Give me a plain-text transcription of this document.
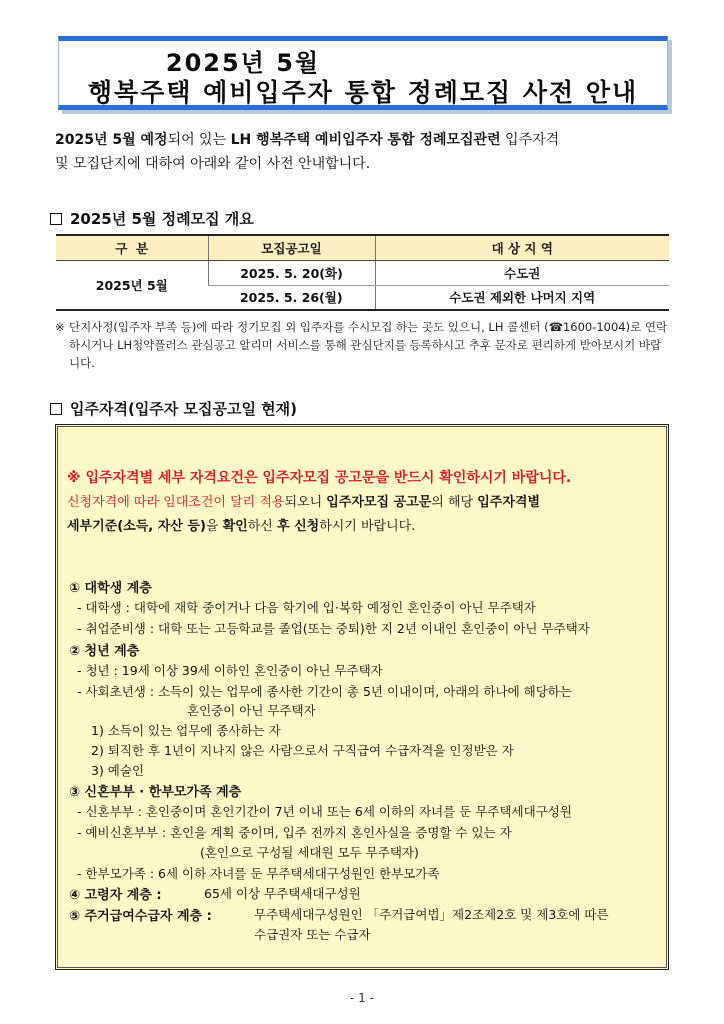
2025년 5월
행복주택 예비입주자 통합 정례모집 사전 안내
2025년 5월 예정되어 있는 LH 행복주택 예비입주자 통합 정례모집관련 입주자격
및 모집단지에 대하여 아래와 같이 사전 안내합니다.
2025년 5월 정례모집 개요
구  분	모집공고일	대 상 지 역
2025년 5월	2025. 5. 20(화)	수도권
	2025. 5. 26(월)	수도권 제외한 나머지 지역
※ 단지사정(입주자 부족 등)에 따라 정기모집 외 입주자를 수시모집 하는 곳도 있으니, LH 콜센터 (☎1600-1004)로 연락하시거나 LH청약플러스 관심공고 알리미 서비스를 통해 관심단지를 등록하시고 추후 문자로 편리하게 받아보시기 바랍니다.
입주자격(입주자 모집공고일 현재)
※ 입주자격별 세부 자격요건은 입주자모집 공고문을 반드시 확인하시기 바랍니다.
신청자격에 따라 임대조건이 달리 적용되오니 입주자모집 공고문의 해당 입주자격별
세부기준(소득, 자산 등)을 확인하신 후 신청하시기 바랍니다.
① 대학생 계층
- 대학생 : 대학에 재학 중이거나 다음 학기에 입·복학 예정인 혼인중이 아닌 무주택자
- 취업준비생 : 대학 또는 고등학교를 졸업(또는 중퇴)한 지 2년 이내인 혼인중이 아닌 무주택자
② 청년 계층
- 청년 : 19세 이상 39세 이하인 혼인중이 아닌 무주택자
- 사회초년생 : 소득이 있는 업무에 종사한 기간이 총 5년 이내이며, 아래의 하나에 해당하는
혼인중이 아닌 무주택자
1) 소득이 있는 업무에 종사하는 자
2) 퇴직한 후 1년이 지나지 않은 사람으로서 구직급여 수급자격을 인정받은 자
3) 예술인
③ 신혼부부 · 한부모가족 계층
- 신혼부부 : 혼인중이며 혼인기간이 7년 이내 또는 6세 이하의 자녀를 둔 무주택세대구성원
- 예비신혼부부 : 혼인을 계획 중이며, 입주 전까지 혼인사실을 증명할 수 있는 자
(혼인으로 구성될 세대원 모두 무주택자)
- 한부모가족 : 6세 이하 자녀를 둔 무주택세대구성원인 한부모가족
④ 고령자 계층 :	65세 이상 무주택세대구성원
⑤ 주거급여수급자 계층 :	무주택세대구성원인 「주거급여법」제2조제2호 및 제3호에 따른
수급권자 또는 수급자
- 1 -
